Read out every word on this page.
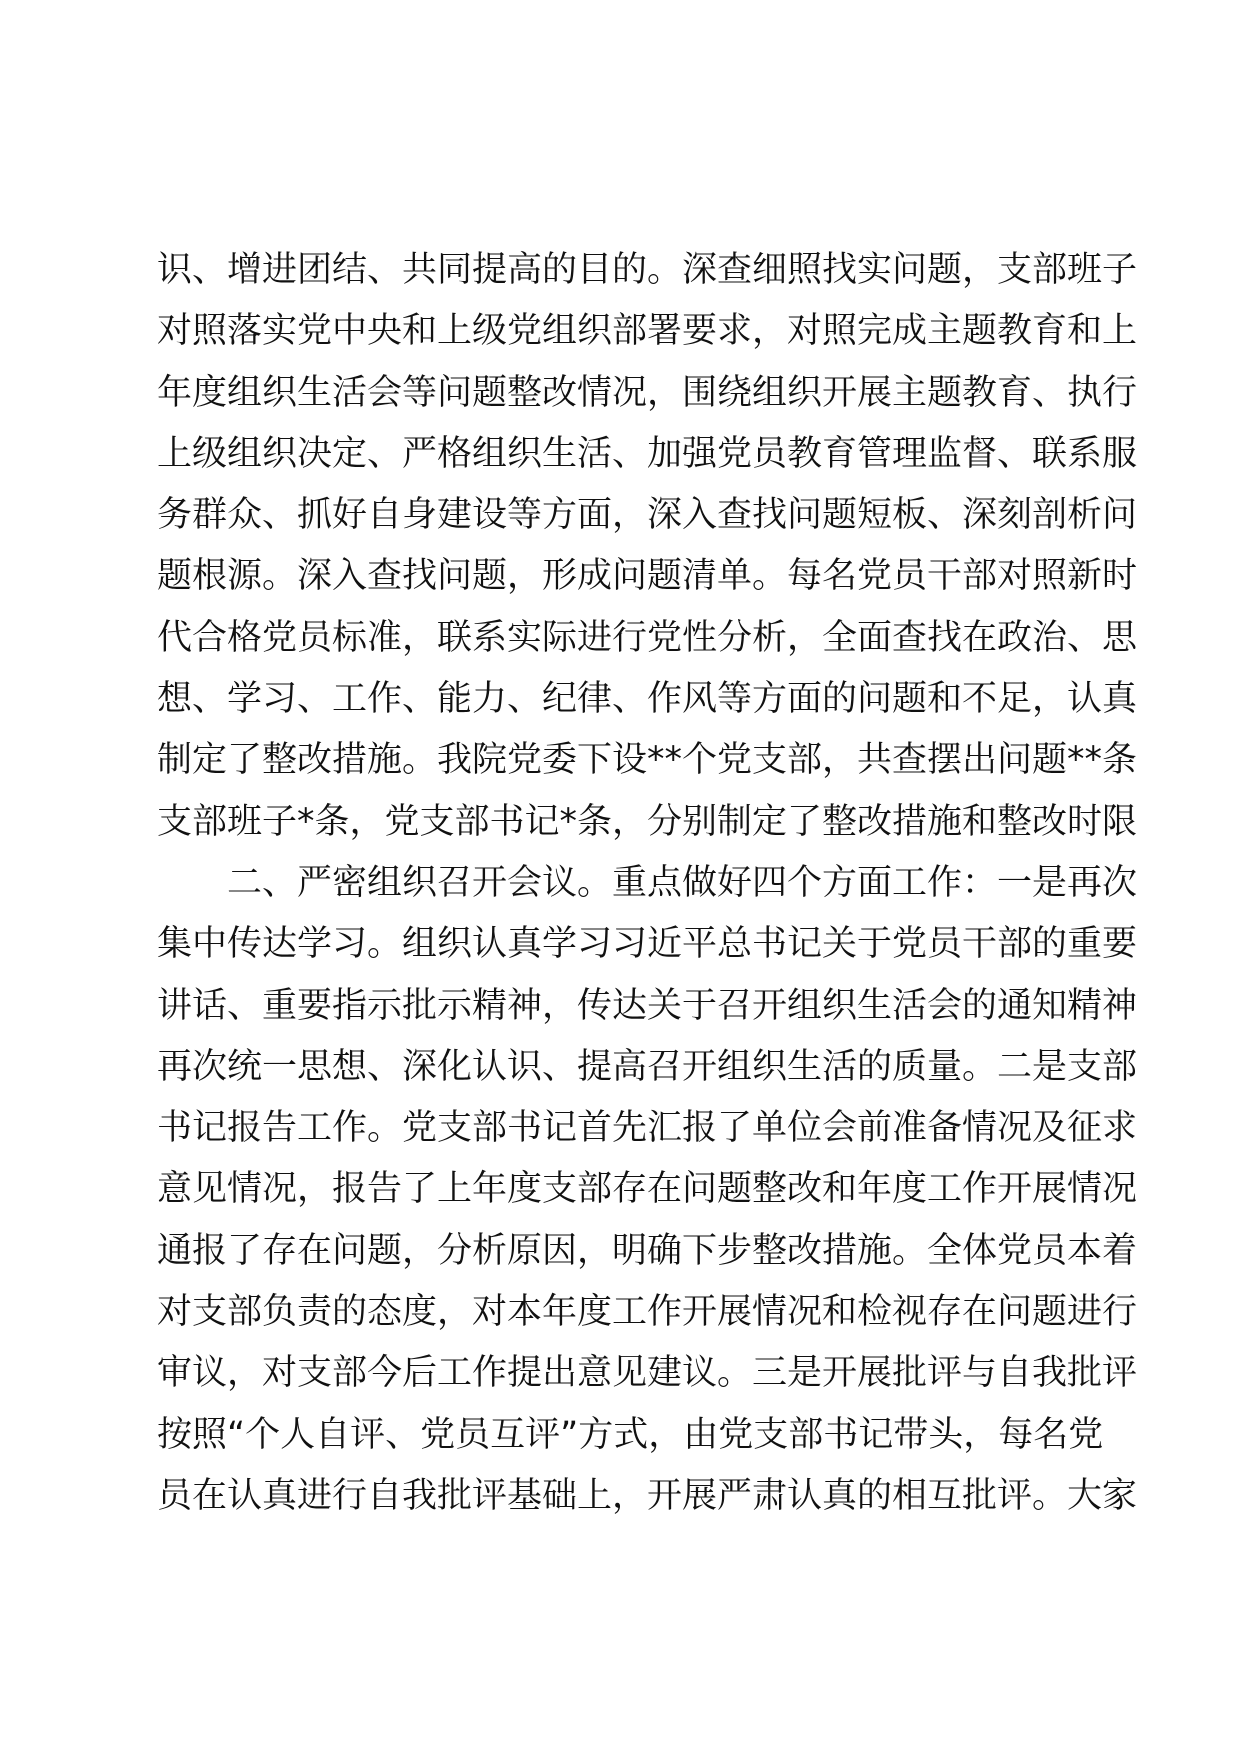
识、增进团结、共同提高的目的。深查细照找实问题，支部班子
对照落实党中央和上级党组织部署要求，对照完成主题教育和上
年度组织生活会等问题整改情况，围绕组织开展主题教育、执行
上级组织决定、严格组织生活、加强党员教育管理监督、联系服
务群众、抓好自身建设等方面，深入查找问题短板、深刻剖析问
题根源。深入查找问题，形成问题清单。每名党员干部对照新时
代合格党员标准，联系实际进行党性分析，全面查找在政治、思
想、学习、工作、能力、纪律、作风等方面的问题和不足，认真
制定了整改措施。我院党委下设**个党支部，共查摆出问题**条
支部班子*条，党支部书记*条，分别制定了整改措施和整改时限
二、严密组织召开会议。重点做好四个方面工作：一是再次
集中传达学习。组织认真学习习近平总书记关于党员干部的重要
讲话、重要指示批示精神，传达关于召开组织生活会的通知精神
再次统一思想、深化认识、提高召开组织生活的质量。二是支部
书记报告工作。党支部书记首先汇报了单位会前准备情况及征求
意见情况，报告了上年度支部存在问题整改和年度工作开展情况
通报了存在问题，分析原因，明确下步整改措施。全体党员本着
对支部负责的态度，对本年度工作开展情况和检视存在问题进行
审议，对支部今后工作提出意见建议。三是开展批评与自我批评
按照“个人自评、党员互评”方式，由党支部书记带头，每名党
员在认真进行自我批评基础上，开展严肃认真的相互批评。大家
